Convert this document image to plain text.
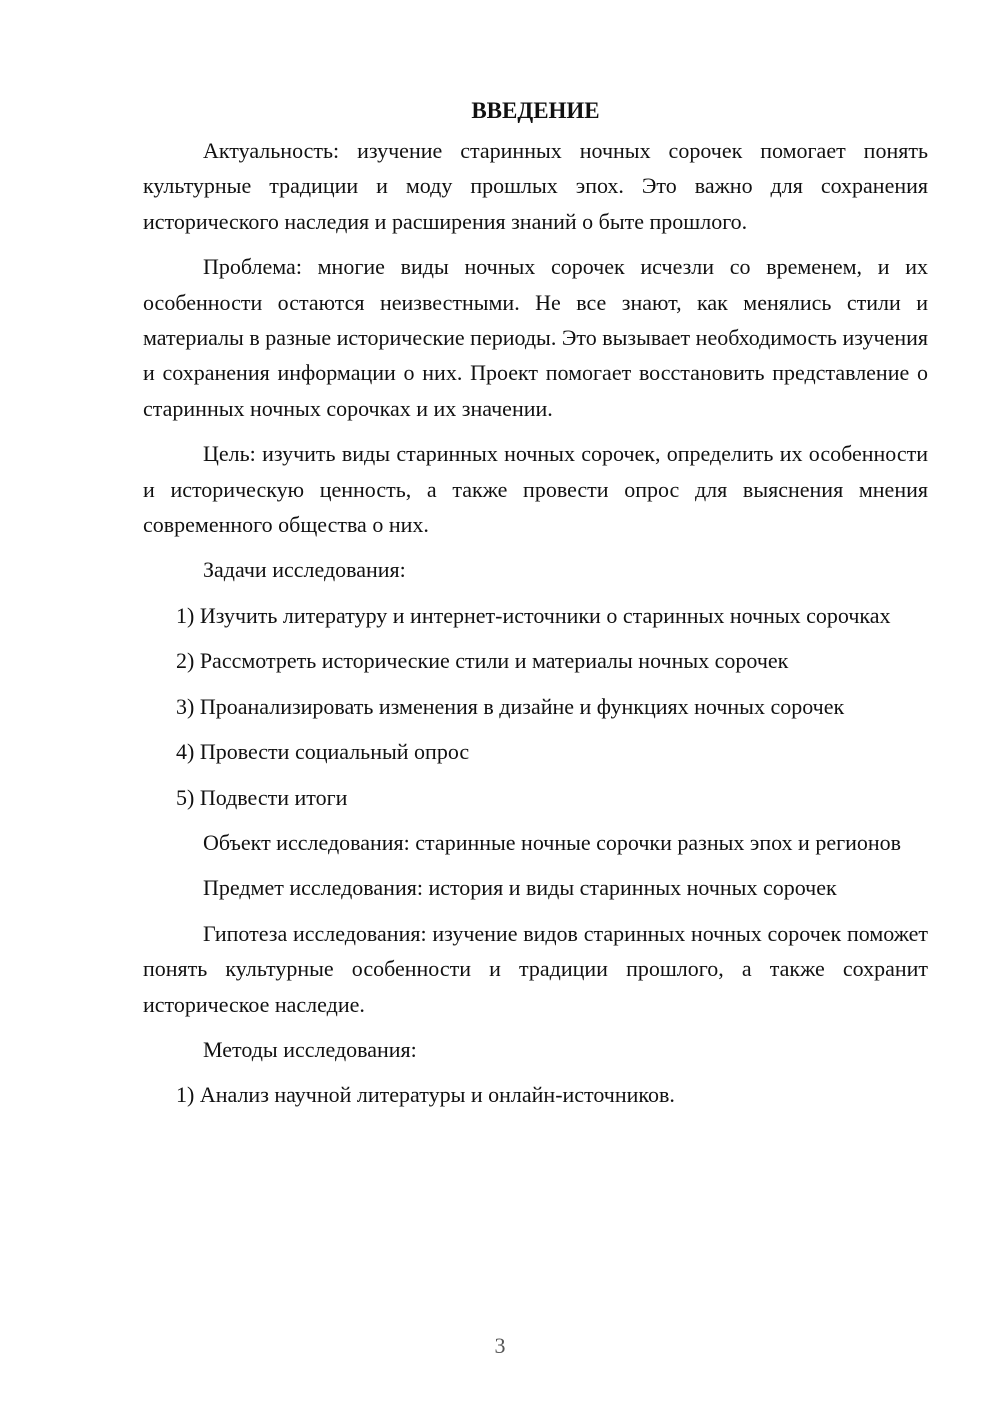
ВВЕДЕНИЕ

Актуальность: изучение старинных ночных сорочек помогает понять культурные традиции и моду прошлых эпох. Это важно для сохранения исторического наследия и расширения знаний о быте прошлого.

Проблема: многие виды ночных сорочек исчезли со временем, и их особенности остаются неизвестными. Не все знают, как менялись стили и материалы в разные исторические периоды. Это вызывает необходимость изучения и сохранения информации о них. Проект помогает восстановить представление о старинных ночных сорочках и их значении.

Цель: изучить виды старинных ночных сорочек, определить их особенности и историческую ценность, а также провести опрос для выяснения мнения современного общества о них.

Задачи исследования:

1) Изучить литературу и интернет-источники о старинных ночных сорочках

2) Рассмотреть исторические стили и материалы ночных сорочек

3) Проанализировать изменения в дизайне и функциях ночных сорочек

4) Провести социальный опрос

5) Подвести итоги

Объект исследования: старинные ночные сорочки разных эпох и регионов

Предмет исследования: история и виды старинных ночных сорочек

Гипотеза исследования: изучение видов старинных ночных сорочек поможет понять культурные особенности и традиции прошлого, а также сохранит историческое наследие.

Методы исследования:

1) Анализ научной литературы и онлайн-источников.

3
